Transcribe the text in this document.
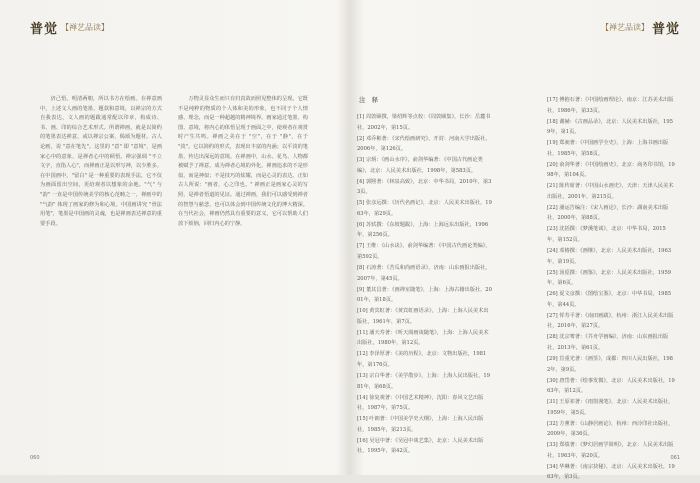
普觉 【禅艺品读】

济己悟。明清两朝，所以书方在绘画。在禅意画中，上述文人画的笔墨、题款和意境，以禅宗的方式自我表达，文人画的题跋通常配以印章，构成诗、书、画、印的综合艺术形式。所谓禅画，就是以简约的笔墨表达禅意，或以禅宗公案、偈颂为题材。古人论画，说 "意在笔先"。这里的 "意" 即 "意境"，是画家心中的意象，是禅者心中的顿悟。禅宗强调 "不立文字，直指人心"，而禅画正是以形写神，以少胜多。在中国画中，"留白" 是一种重要的表现手法，它不仅为画面留出空间，更给观者以想象的余地。"气" 与 "韵" 一直是中国传统美学的核心范畴之一，禅画中的 "气韵" 体现了画家的修为和心境。中国画讲究 "骨法用笔"，笔墨是中国画的灵魂，也是禅画表达禅意的重要手段。

万物灵显众生而只有归真故而照见整体的呈现。它既不是纯粹的物质的个人体和美的形象，也不同于个人情感、理念，而是一种超越的精神境界。画家通过笔墨、构图、意境，将内心的体悟呈现于画面之中，使观者在观赏时产生共鸣。禅画之美在于 "空"，在于 "静"，在于 "淡"。它以简约的形式，表现出丰富的内涵；以平淡的笔墨，传达出深远的意境。在禅画中，山水、花鸟、人物都被赋予了禅意，成为禅者心境的外化。禅画追求的不是形似，而是神似；不是技巧的炫耀，而是心灵的表达。正如古人所说："画者，心之印也。" 禅画正是画家心灵的写照，是禅者悟道的见证。通过禅画，我们可以感受到禅者的智慧与慈悲，也可以体会到中国传统文化的博大精深。在当代社会，禅画仍然具有重要的意义，它可以帮助人们放下烦恼，回归内心的宁静。

060
【禅艺品读】 普觉
注 释
[1] 周敦颐撰，梁绍辉等点校：《周敦颐集》，长沙：岳麓书社，2002年，第15页。
[2] 邓乔彬著：《宋代绘画研究》，开封：河南大学出版社，2006年，第126页。
[3] 宗炳：《画山水序》，俞剑华编著：《中国古代画论类编》，北京：人民美术出版社，1998年，第583页。
[4] 郭熙著：《林泉高致》，北京：中华书局，2010年，第33页。
[5] 张彦远撰：《历代名画记》，北京：人民美术出版社，1963年，第29页。
[6] 苏轼撰：《东坡题跋》，上海：上海远东出版社，1996年，第256页。
[7] 王维：《山水诀》，俞剑华编著：《中国古代画论类编》，第592页。
[8] 石涛著：《苦瓜和尚画语录》，济南：山东画报出版社，2007年，第45页。
[9] 董其昌著：《画禅室随笔》，上海：上海古籍出版社，2001年，第18页。
[10] 黄宾虹著：《黄宾虹画语录》，上海：上海人民美术出版社，1961年，第7页。
[11] 潘天寿著：《听天阁画谈随笔》，上海：上海人民美术出版社，1980年，第12页。
[12] 李泽厚著：《美的历程》，北京：文物出版社，1981年，第176页。
[13] 宗白华著：《美学散步》，上海：上海人民出版社，1981年，第68页。
[14] 徐复观著：《中国艺术精神》，沈阳：春风文艺出版社，1987年，第75页。
[15] 叶朗著：《中国美学史大纲》，上海：上海人民出版社，1985年，第213页。
[16] 吴冠中著：《吴冠中谈艺集》，北京：人民美术出版社，1995年，第42页。
[17] 傅抱石著：《中国绘画理论》，南京：江苏美术出版社，1986年，第33页。
[18] 谢赫：《古画品录》，北京：人民美术出版社，1959年，第1页。
[19] 郑昶著：《中国画学全史》，上海：上海书画出版社，1985年，第58页。
[20] 俞剑华著：《中国绘画史》，北京：商务印书馆，1998年，第104页。
[21] 陈传席著：《中国山水画史》，天津：天津人民美术出版社，2001年，第215页。
[22] 潘运告编注：《宋人画论》，长沙：湖南美术出版社，2000年，第88页。
[23] 沈括撰：《梦溪笔谈》，北京：中华书局，2015年，第152页。
[24] 邓椿撰：《画继》，北京：人民美术出版社，1963年，第19页。
[25] 汤垕撰：《画鉴》，北京：人民美术出版社，1959年，第6页。
[26] 夏文彦撰：《图绘宝鉴》，北京：中华书局，1985年，第44页。
[27] 恽寿平著：《南田画跋》，杭州：浙江人民美术出版社，2016年，第27页。
[28] 沈宗骞著：《芥舟学画编》，济南：山东画报出版社，2013年，第61页。
[29] 笪重光著：《画筌》，成都：四川人民出版社，1982年，第9页。
[30] 唐岱著：《绘事发微》，北京：人民美术出版社，1963年，第12页。
[31] 王原祁著：《雨窗漫笔》，北京：人民美术出版社，1959年，第5页。
[32] 方薰著：《山静居画论》，杭州：西泠印社出版社，2009年，第36页。
[33] 郑绩著：《梦幻居画学简明》，北京：人民美术出版社，1963年，第20页。
[34] 华琳著：《南宗抉秘》，北京：人民美术出版社，1963年，第3页。
061
